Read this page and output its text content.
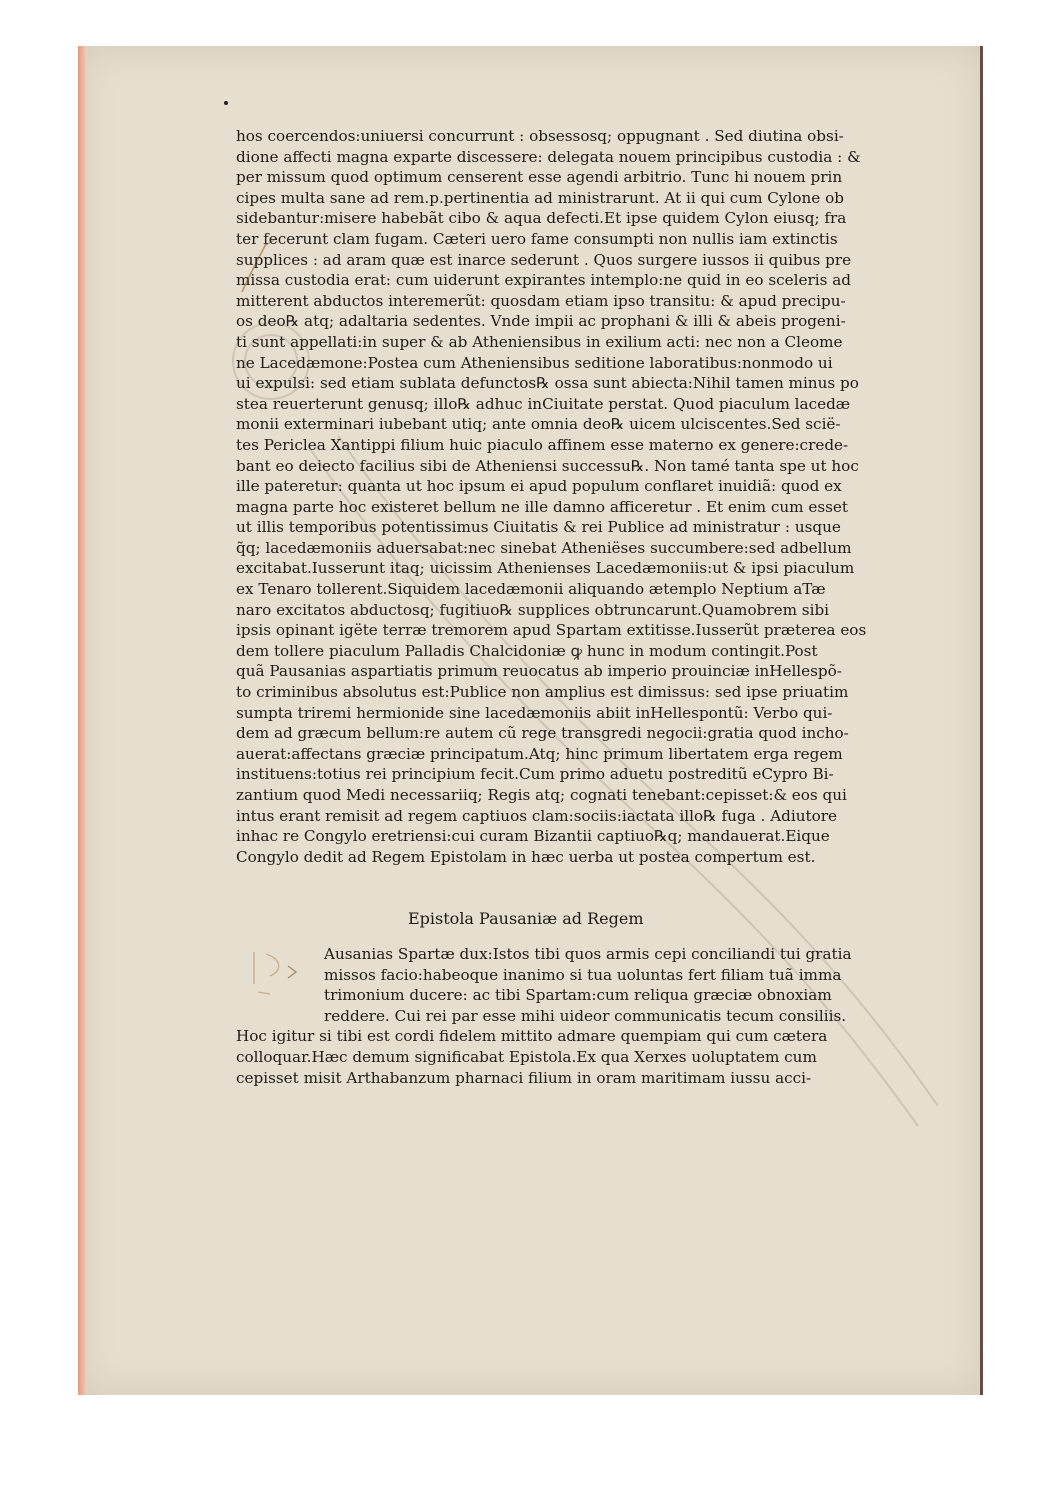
hos coercendos:uniuersi concurrunt : obsessosq; oppugnant . Sed diutina obsi-
dione affecti magna exparte discessere: delegata nouem principibus custodia : &
per missum quod optimum censerent esse agendi arbitrio. Tunc hi nouem prin
cipes multa sane ad rem.p.pertinentia ad ministrarunt. At ii qui cum Cylone ob
sidebantur:misere habebãt cibo & aqua defecti.Et ipse quidem Cylon eiusq; fra
ter fecerunt clam fugam. Cæteri uero fame consumpti non nullis iam extinctis
supplices : ad aram quæ est inarce sederunt . Quos surgere iussos ii quibus pre
missa custodia erat: cum uiderunt expirantes intemplo:ne quid in eo sceleris ad
mitterent abductos interemerũt: quosdam etiam ipso transitu: & apud precipu-
os deo℞ atq; adaltaria sedentes. Vnde impii ac prophani & illi & abeis progeni-
ti sunt appellati:in super & ab Atheniensibus in exilium acti: nec non a Cleome
ne Lacedæmone:Postea cum Atheniensibus seditione laboratibus:nonmodo ui
ui expulsi: sed etiam sublata defunctos℞ ossa sunt abiecta:Nihil tamen minus po
stea reuerterunt genusq; illo℞ adhuc inCiuitate perstat. Quod piaculum lacedæ
monii exterminari iubebant utiq; ante omnia deo℞ uicem ulciscentes.Sed scië-
tes Periclea Xantippi filium huic piaculo affinem esse materno ex genere:crede-
bant eo deiecto facilius sibi de Atheniensi successu℞. Non tamé tanta spe ut hoc
ille pateretur: quanta ut hoc ipsum ei apud populum conflaret inuidiã: quod ex
magna parte hoc existeret bellum ne ille damno afficeretur . Et enim cum esset
ut illis temporibus potentissimus Ciuitatis & rei Publice ad ministratur : usque
q̃q; lacedæmoniis aduersabat:nec sinebat Atheniëses succumbere:sed adbellum
excitabat.Iusserunt itaq; uicissim Athenienses Lacedæmoniis:ut & ipsi piaculum
ex Tenaro tollerent.Siquidem lacedæmonii aliquando ætemplo Neptium aTæ
naro excitatos abductosq; fugitiuo℞ supplices obtruncarunt.Quamobrem sibi
ipsis opinant igëte terræ tremorem apud Spartam extitisse.Iusserũt præterea eos
dem tollere piaculum Palladis Chalcidoniæ ꝙ hunc in modum contingit.Post
quã Pausanias aspartiatis primum reuocatus ab imperio prouinciæ inHellespõ-
to criminibus absolutus est:Publice non amplius est dimissus: sed ipse priuatim
sumpta triremi hermionide sine lacedæmoniis abiit inHellespontũ: Verbo qui-
dem ad græcum bellum:re autem cũ rege transgredi negocii:gratia quod incho-
auerat:affectans græciæ principatum.Atq; hinc primum libertatem erga regem
instituens:totius rei principium fecit.Cum primo aduetu postreditũ eCypro Bi-
zantium quod Medi necessariiq; Regis atq; cognati tenebant:cepisset:& eos qui
intus erant remisit ad regem captiuos clam:sociis:iactata illo℞ fuga . Adiutore
inhac re Congylo eretriensi:cui curam Bizantii captiuo℞q; mandauerat.Eique
Congylo dedit ad Regem Epistolam in hæc uerba ut postea compertum est.
Epistola Pausaniæ ad Regem
Ausanias Spartæ dux:Istos tibi quos armis cepi conciliandi tui gratia
missos facio:habeoque inanimo si tua uoluntas fert filiam tuã imma
trimonium ducere: ac tibi Spartam:cum reliqua græciæ obnoxiam
reddere. Cui rei par esse mihi uideor communicatis tecum consiliis.
Hoc igitur si tibi est cordi fidelem mittito admare quempiam qui cum cætera
colloquar.Hæc demum significabat Epistola.Ex qua Xerxes uoluptatem cum
cepisset misit Arthabanzum pharnaci filium in oram maritimam iussu acci-
